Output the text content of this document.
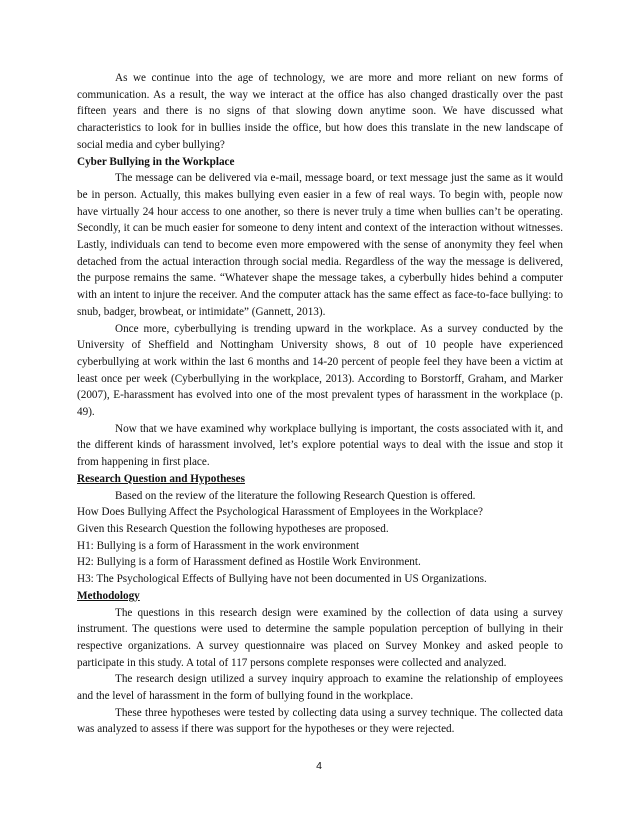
As we continue into the age of technology, we are more and more reliant on new forms of communication. As a result, the way we interact at the office has also changed drastically over the past fifteen years and there is no signs of that slowing down anytime soon. We have discussed what characteristics to look for in bullies inside the office, but how does this translate in the new landscape of social media and cyber bullying?

Cyber Bullying in the Workplace

The message can be delivered via e-mail, message board, or text message just the same as it would be in person. Actually, this makes bullying even easier in a few of real ways. To begin with, people now have virtually 24 hour access to one another, so there is never truly a time when bullies can’t be operating. Secondly, it can be much easier for someone to deny intent and context of the interaction without witnesses. Lastly, individuals can tend to become even more empowered with the sense of anonymity they feel when detached from the actual interaction through social media. Regardless of the way the message is delivered, the purpose remains the same. “Whatever shape the message takes, a cyberbully hides behind a computer with an intent to injure the receiver. And the computer attack has the same effect as face-to-face bullying: to snub, badger, browbeat, or intimidate” (Gannett, 2013).

Once more, cyberbullying is trending upward in the workplace. As a survey conducted by the University of Sheffield and Nottingham University shows, 8 out of 10 people have experienced cyberbullying at work within the last 6 months and 14-20 percent of people feel they have been a victim at least once per week (Cyberbullying in the workplace, 2013). According to Borstorff, Graham, and Marker (2007), E-harassment has evolved into one of the most prevalent types of harassment in the workplace (p. 49).

Now that we have examined why workplace bullying is important, the costs associated with it, and the different kinds of harassment involved, let’s explore potential ways to deal with the issue and stop it from happening in first place.

Research Question and Hypotheses

Based on the review of the literature the following Research Question is offered.

How Does Bullying Affect the Psychological Harassment of Employees in the Workplace?

Given this Research Question the following hypotheses are proposed.

H1: Bullying is a form of Harassment in the work environment

H2: Bullying is a form of Harassment defined as Hostile Work Environment.

H3: The Psychological Effects of Bullying have not been documented in US Organizations.

Methodology

The questions in this research design were examined by the collection of data using a survey instrument. The questions were used to determine the sample population perception of bullying in their respective organizations. A survey questionnaire was placed on Survey Monkey and asked people to participate in this study. A total of 117 persons complete responses were collected and analyzed.

The research design utilized a survey inquiry approach to examine the relationship of employees and the level of harassment in the form of bullying found in the workplace.

These three hypotheses were tested by collecting data using a survey technique. The collected data was analyzed to assess if there was support for the hypotheses or they were rejected.

4
